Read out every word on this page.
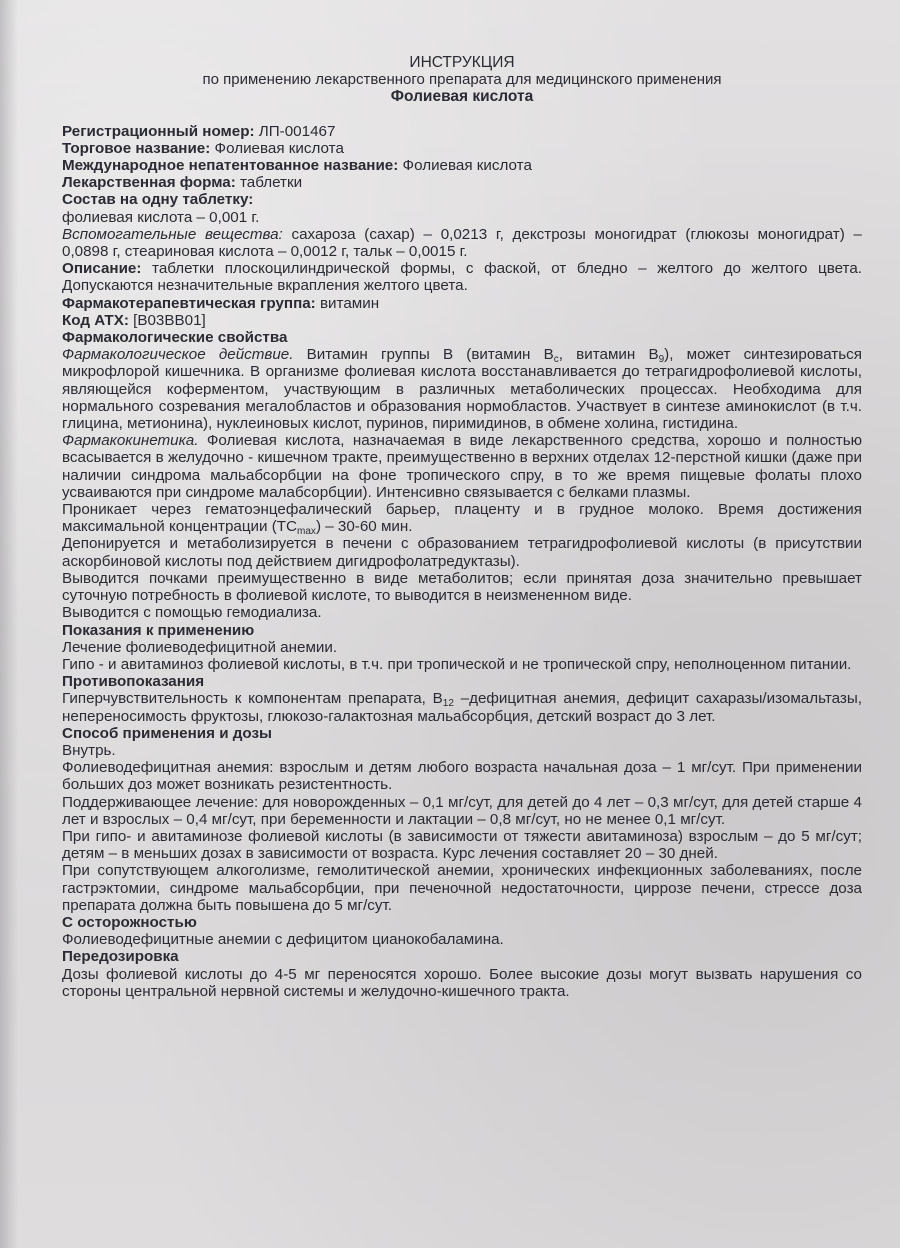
ИНСТРУКЦИЯ

по применению лекарственного препарата для медицинского применения

Фолиевая кислота

Регистрационный номер: ЛП-001467

Торговое название: Фолиевая кислота

Международное непатентованное название: Фолиевая кислота

Лекарственная форма: таблетки

Состав на одну таблетку:

фолиевая кислота – 0,001 г.

Вспомогательные вещества: сахароза (сахар) – 0,0213 г, декстрозы моногидрат (глюкозы моногидрат) – 0,0898 г, стеариновая кислота – 0,0012 г, тальк – 0,0015 г.

Описание: таблетки плоскоцилиндрической формы, с фаской, от бледно – желтого до желтого цвета. Допускаются незначительные вкрапления желтого цвета.

Фармакотерапевтическая группа: витамин

Код АТХ: [B03BB01]

Фармакологические свойства

Фармакологическое действие. Витамин группы В (витамин $В_с$, витамин $В_9$), может синтезироваться микрофлорой кишечника. В организме фолиевая кислота восстанавливается до тетрагидрофолиевой кислоты, являющейся коферментом, участвующим в различных метаболических процессах. Необходима для нормального созревания мегалобластов и образования нормобластов. Участвует в синтезе аминокислот (в т.ч. глицина, метионина), нуклеиновых кислот, пуринов, пиримидинов, в обмене холина, гистидина.

Фармакокинетика. Фолиевая кислота, назначаемая в виде лекарственного средства, хорошо и полностью всасывается в желудочно - кишечном тракте, преимущественно в верхних отделах 12-перстной кишки (даже при наличии синдрома мальабсорбции на фоне тропического спру, в то же время пищевые фолаты плохо усваиваются при синдроме малабсорбции). Интенсивно связывается с белками плазмы.

Проникает через гематоэнцефалический барьер, плаценту и в грудное молоко. Время достижения максимальной концентрации $(ТС_{max}) - 30-60$ мин.

Депонируется и метаболизируется в печени с образованием тетрагидрофолиевой кислоты (в присутствии аскорбиновой кислоты под действием дигидрофолатредуктазы).

Выводится почками преимущественно в виде метаболитов; если принятая доза значительно превышает суточную потребность в фолиевой кислоте, то выводится в неизмененном виде.

Выводится с помощью гемодиализа.

Показания к применению

Лечение фолиеводефицитной анемии.

Гипо - и авитаминоз фолиевой кислоты, в т.ч. при тропической и не тропической спру, неполноценном питании.

Противопоказания

Гиперчувствительность к компонентам препарата, $В_{12}$ –дефицитная анемия, дефицит сахаразы/изомальтазы, непереносимость фруктозы, глюкозо-галактозная мальабсорбция, детский возраст до 3 лет.

Способ применения и дозы

Внутрь.

Фолиеводефицитная анемия: взрослым и детям любого возраста начальная доза – 1 мг/сут. При применении больших доз может возникать резистентность.

Поддерживающее лечение: для новорожденных – 0,1 мг/сут, для детей до 4 лет – 0,3 мг/сут, для детей старше 4 лет и взрослых – 0,4 мг/сут, при беременности и лактации – 0,8 мг/сут, но не менее 0,1 мг/сут.

При гипо- и авитаминозе фолиевой кислоты (в зависимости от тяжести авитаминоза) взрослым – до 5 мг/сут; детям – в меньших дозах в зависимости от возраста. Курс лечения составляет 20 – 30 дней.

При сопутствующем алкоголизме, гемолитической анемии, хронических инфекционных заболеваниях, после гастрэктомии, синдроме мальабсорбции, при печеночной недостаточности, циррозе печени, стрессе доза препарата должна быть повышена до 5 мг/сут.

С осторожностью

Фолиеводефицитные анемии с дефицитом цианокобаламина.

Передозировка

Дозы фолиевой кислоты до 4-5 мг переносятся хорошо. Более высокие дозы могут вызвать нарушения со стороны центральной нервной системы и желудочно-кишечного тракта.
